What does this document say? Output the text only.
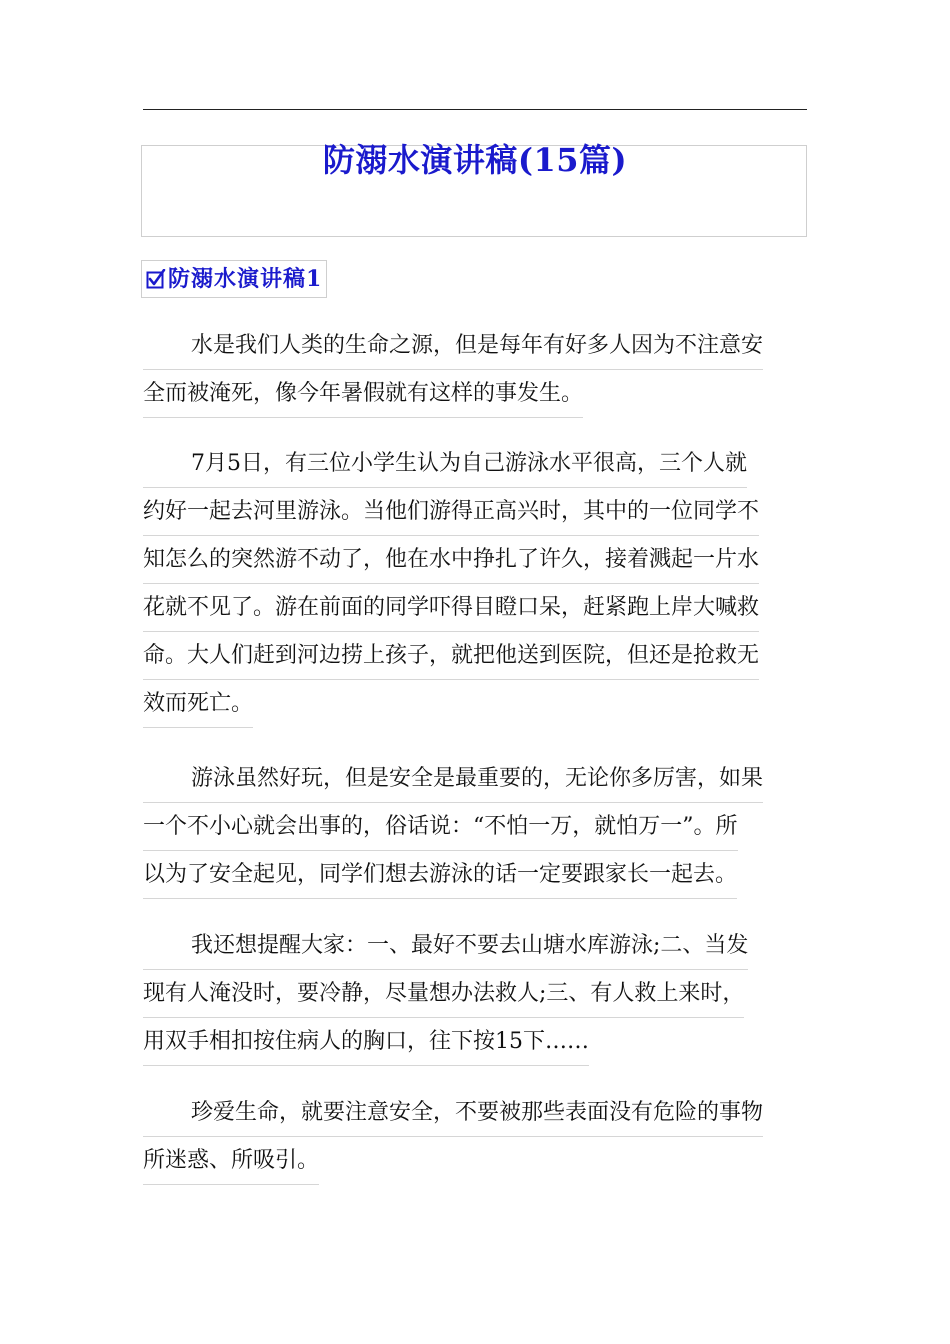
防溺水演讲稿(15篇)
防溺水演讲稿1
水是我们人类的生命之源，但是每年有好多人因为不注意安
全而被淹死，像今年暑假就有这样的事发生。
7月5日，有三位小学生认为自己游泳水平很高，三个人就
约好一起去河里游泳。当他们游得正高兴时，其中的一位同学不
知怎么的突然游不动了，他在水中挣扎了许久，接着溅起一片水
花就不见了。游在前面的同学吓得目瞪口呆，赶紧跑上岸大喊救
命。大人们赶到河边捞上孩子，就把他送到医院，但还是抢救无
效而死亡。
游泳虽然好玩，但是安全是最重要的，无论你多厉害，如果
一个不小心就会出事的，俗话说：“不怕一万，就怕万一”。所
以为了安全起见，同学们想去游泳的话一定要跟家长一起去。
我还想提醒大家：一、最好不要去山塘水库游泳;二、当发
现有人淹没时，要冷静，尽量想办法救人;三、有人救上来时，
用双手相扣按住病人的胸口，往下按15下……
珍爱生命，就要注意安全，不要被那些表面没有危险的事物
所迷惑、所吸引。
